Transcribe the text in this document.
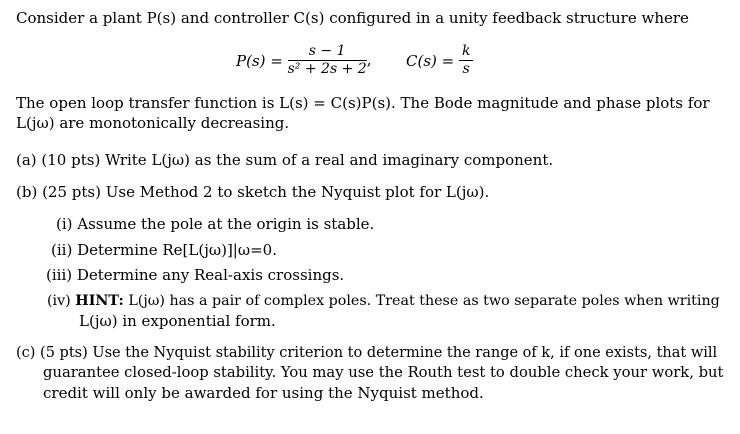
Consider a plant P(s) and controller C(s) configured in a unity feedback structure where
$P(s) = \frac{s - 1}{\text{s² + 2s + 2}}$ , $C(s) = \frac{k}{s}$
The open loop transfer function is L(s) = C(s)P(s). The Bode magnitude and phase plots for
L(jω) are monotonically decreasing.
(a) (10 pts) Write L(jω) as the sum of a real and imaginary component.
(b) (25 pts) Use Method 2 to sketch the Nyquist plot for L(jω).
(i) Assume the pole at the origin is stable.
(ii) Determine Re[L(jω)]|ω=0.
(iii) Determine any Real-axis crossings.
(iv) HINT: L(jω) has a pair of complex poles. Treat these as two separate poles when writing
L(jω) in exponential form.
(c) (5 pts) Use the Nyquist stability criterion to determine the range of k, if one exists, that will
guarantee closed-loop stability. You may use the Routh test to double check your work, but
credit will only be awarded for using the Nyquist method.
